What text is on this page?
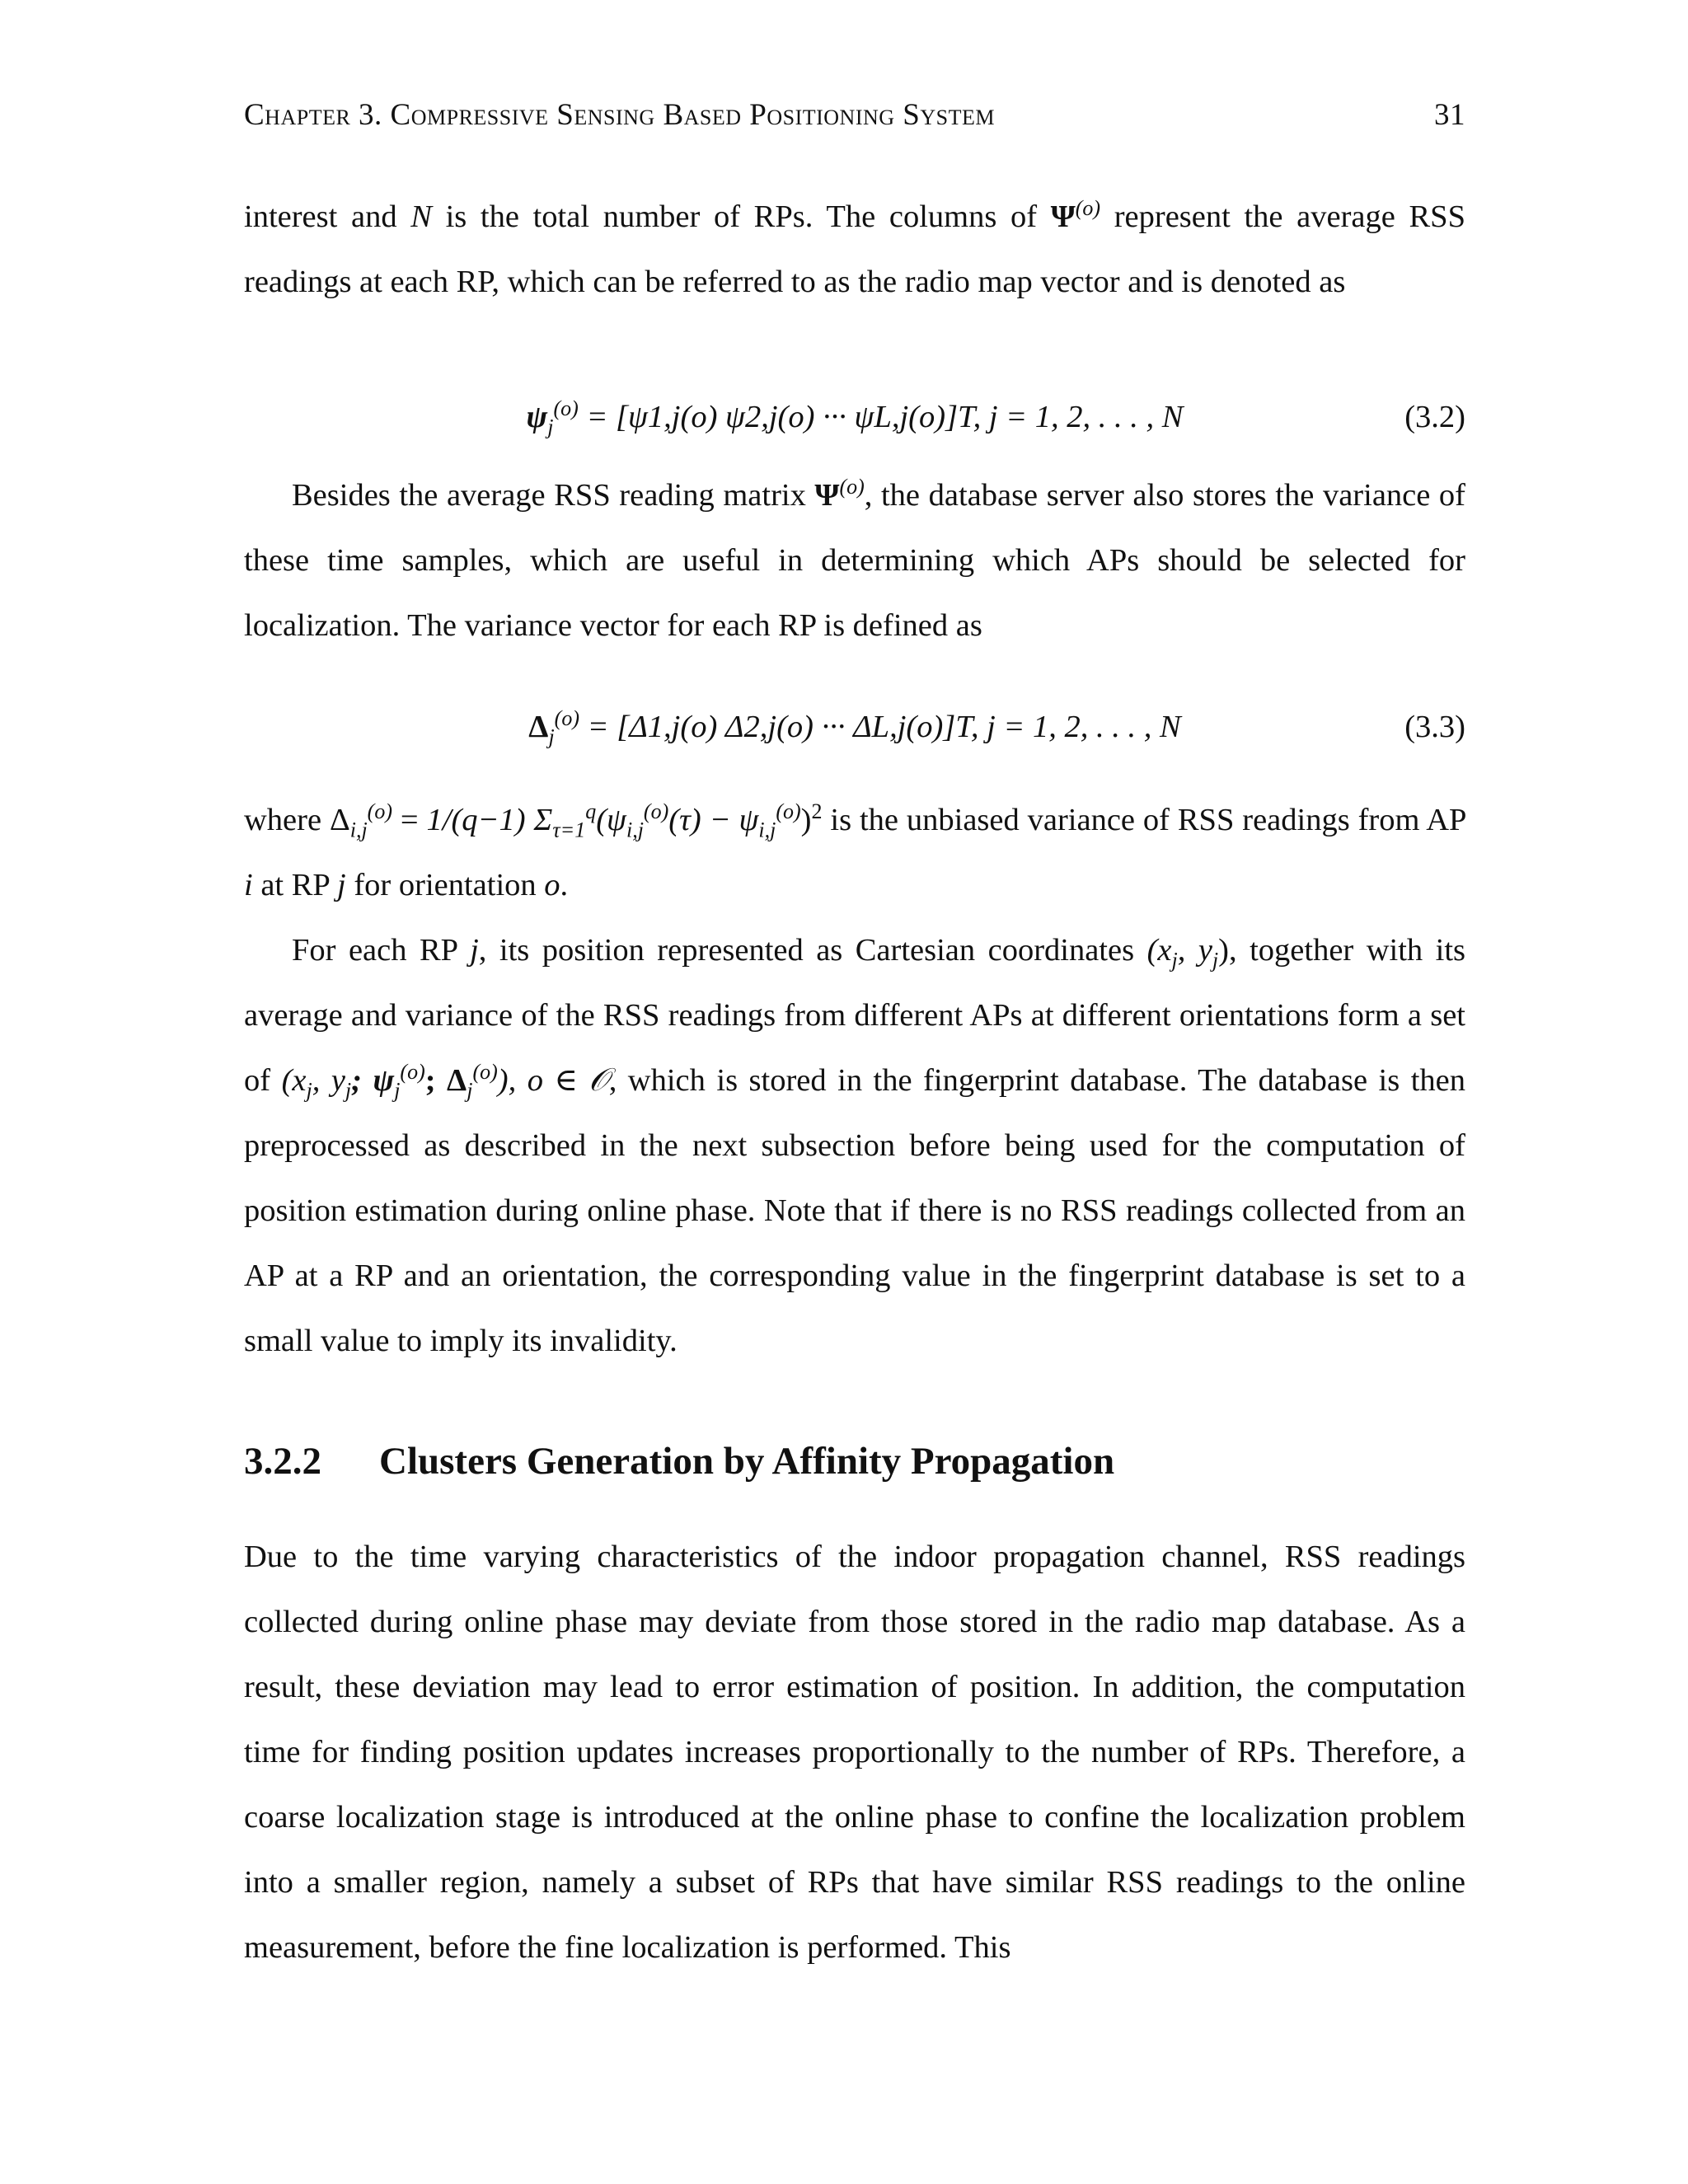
Chapter 3. Compressive Sensing Based Positioning System	31

interest and N is the total number of RPs. The columns of $\Psi^{(o)}$ represent the average RSS readings at each RP, which can be referred to as the radio map vector and is denoted as

$\psi_j^{(o)} = [\psi 1,j(o)$ ψ2,j(o) ··· ψL,j(o)]T, j = 1, 2, . . . , N	(3.2)

Besides the average RSS reading matrix $\Psi^{(o)}$, the database server also stores the variance of these time samples, which are useful in determining which APs should be selected for localization. The variance vector for each RP is defined as

$\Delta_j^{(o)} = [\Delta 1,j(o)$ Δ2,j(o) ··· ΔL,j(o)]T, j = 1, 2, . . . , N	(3.3)

where $\Delta_{i,j}^{(o)} = 1/(q-1) \Sigma_{\tau=1}^q(\psi_{i,j}^{(o)}(\tau) - \psi_{i,j}^{(o)})^2$ is the unbiased variance of RSS readings from AP i at RP j for orientation o.

For each RP j, its position represented as Cartesian coordinates ($x_j$, $y_j$), together with its average and variance of the RSS readings from different APs at different orientations form a set of ($x_j$, $y_j$; $\psi_j^{(o)}$; $\Delta_j^{(o)}$), o ∈ 𝒪, which is stored in the fingerprint database. The database is then preprocessed as described in the next subsection before being used for the computation of position estimation during online phase. Note that if there is no RSS readings collected from an AP at a RP and an orientation, the corresponding value in the fingerprint database is set to a small value to imply its invalidity.

3.2.2 Clusters Generation by Affinity Propagation

Due to the time varying characteristics of the indoor propagation channel, RSS readings collected during online phase may deviate from those stored in the radio map database. As a result, these deviation may lead to error estimation of position. In addition, the computation time for finding position updates increases proportionally to the number of RPs. Therefore, a coarse localization stage is introduced at the online phase to confine the localization problem into a smaller region, namely a subset of RPs that have similar RSS readings to the online measurement, before the fine localization is performed. This
